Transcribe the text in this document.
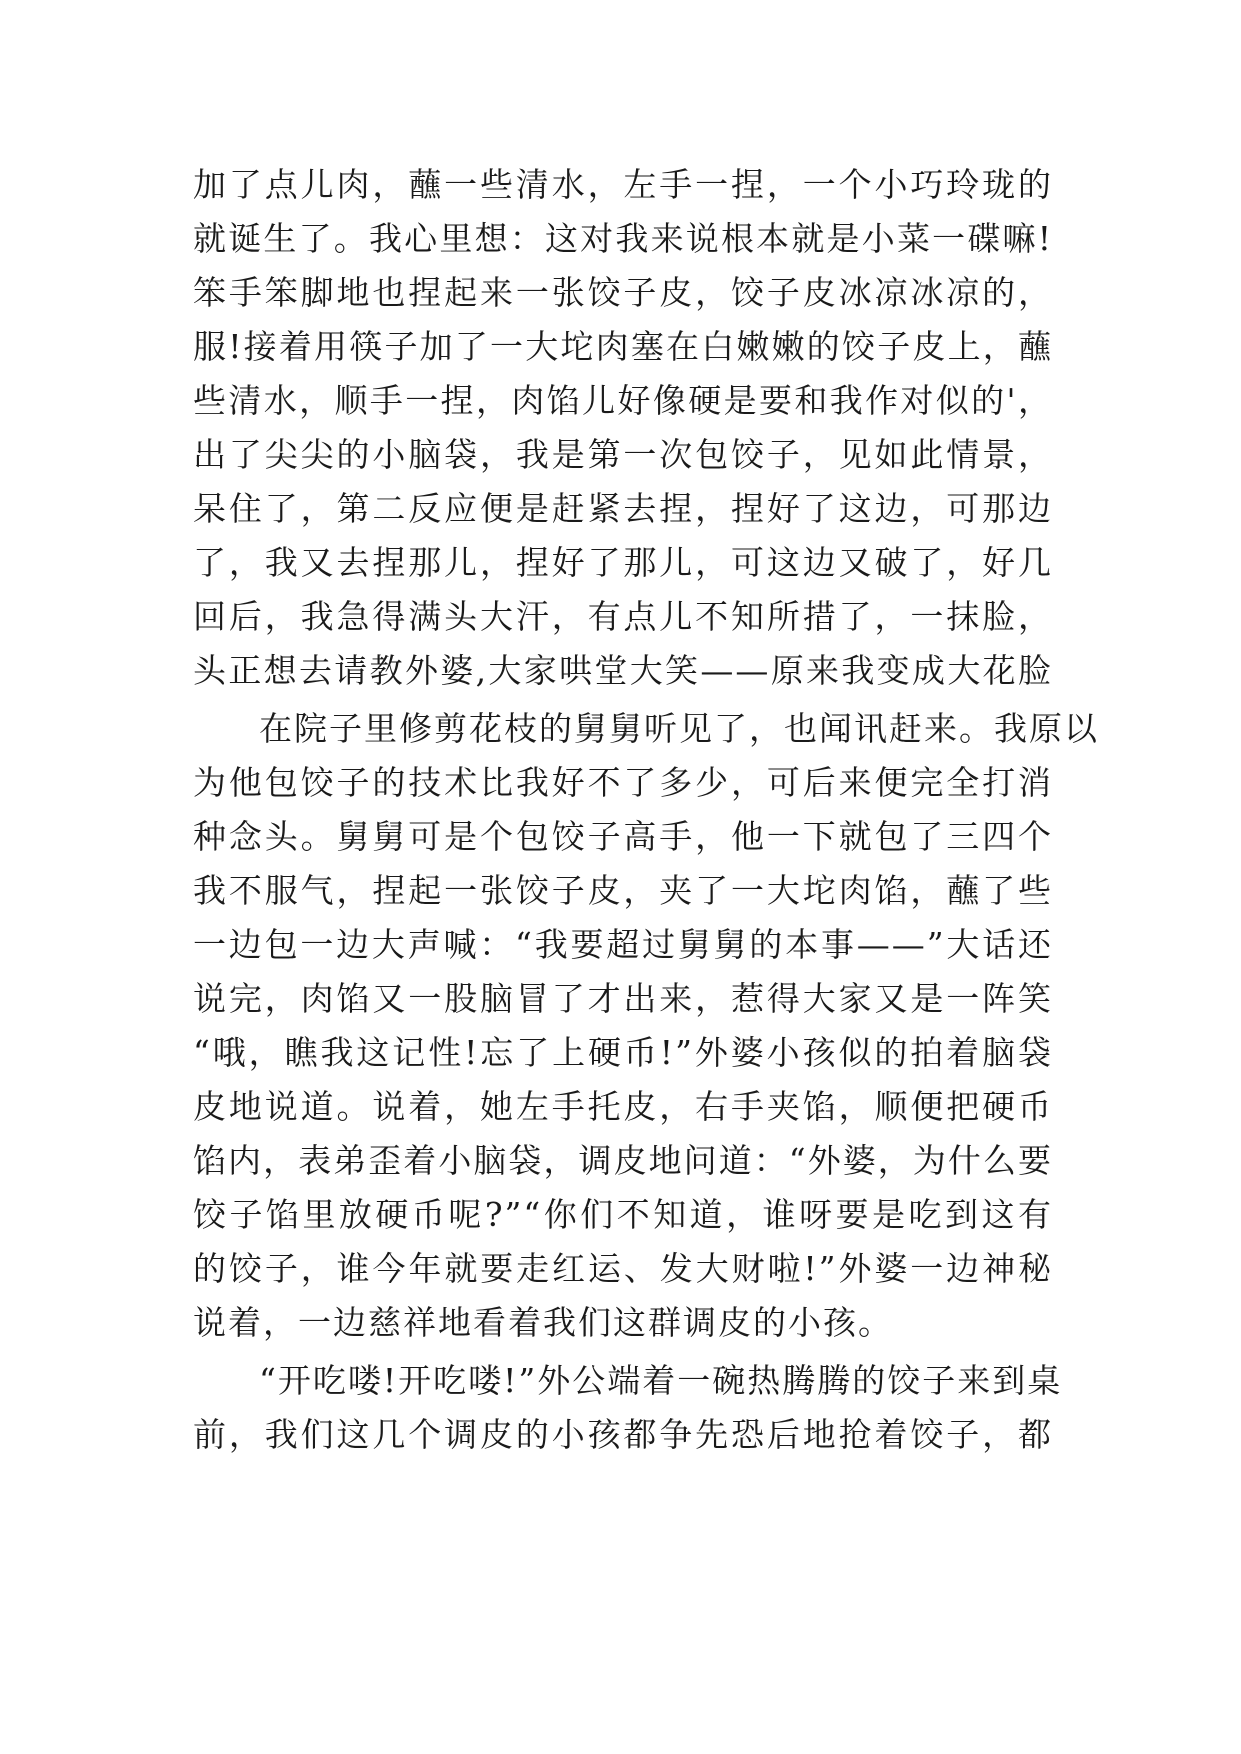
加了点儿肉，蘸一些清水，左手一捏，一个小巧玲珑的
就诞生了。我心里想：这对我来说根本就是小菜一碟嘛!
笨手笨脚地也捏起来一张饺子皮，饺子皮冰凉冰凉的，
服!接着用筷子加了一大坨肉塞在白嫩嫩的饺子皮上，蘸
些清水，顺手一捏，肉馅儿好像硬是要和我作对似的'，
出了尖尖的小脑袋，我是第一次包饺子，见如此情景，
呆住了，第二反应便是赶紧去捏，捏好了这边，可那边
了，我又去捏那儿，捏好了那儿，可这边又破了，好几
回后，我急得满头大汗，有点儿不知所措了，一抹脸，
头正想去请教外婆,大家哄堂大笑——原来我变成大花脸
在院子里修剪花枝的舅舅听见了，也闻讯赶来。我原以
为他包饺子的技术比我好不了多少，可后来便完全打消
种念头。舅舅可是个包饺子高手，他一下就包了三四个
我不服气，捏起一张饺子皮，夹了一大坨肉馅，蘸了些
一边包一边大声喊：“我要超过舅舅的本事——”大话还
说完，肉馅又一股脑冒了才出来，惹得大家又是一阵笑
“哦，瞧我这记性!忘了上硬币!”外婆小孩似的拍着脑袋
皮地说道。说着，她左手托皮，右手夹馅，顺便把硬币
馅内，表弟歪着小脑袋，调皮地问道：“外婆，为什么要
饺子馅里放硬币呢?”“你们不知道，谁呀要是吃到这有
的饺子，谁今年就要走红运、发大财啦!”外婆一边神秘
说着，一边慈祥地看着我们这群调皮的小孩。
“开吃喽!开吃喽!”外公端着一碗热腾腾的饺子来到桌
前，我们这几个调皮的小孩都争先恐后地抢着饺子，都
